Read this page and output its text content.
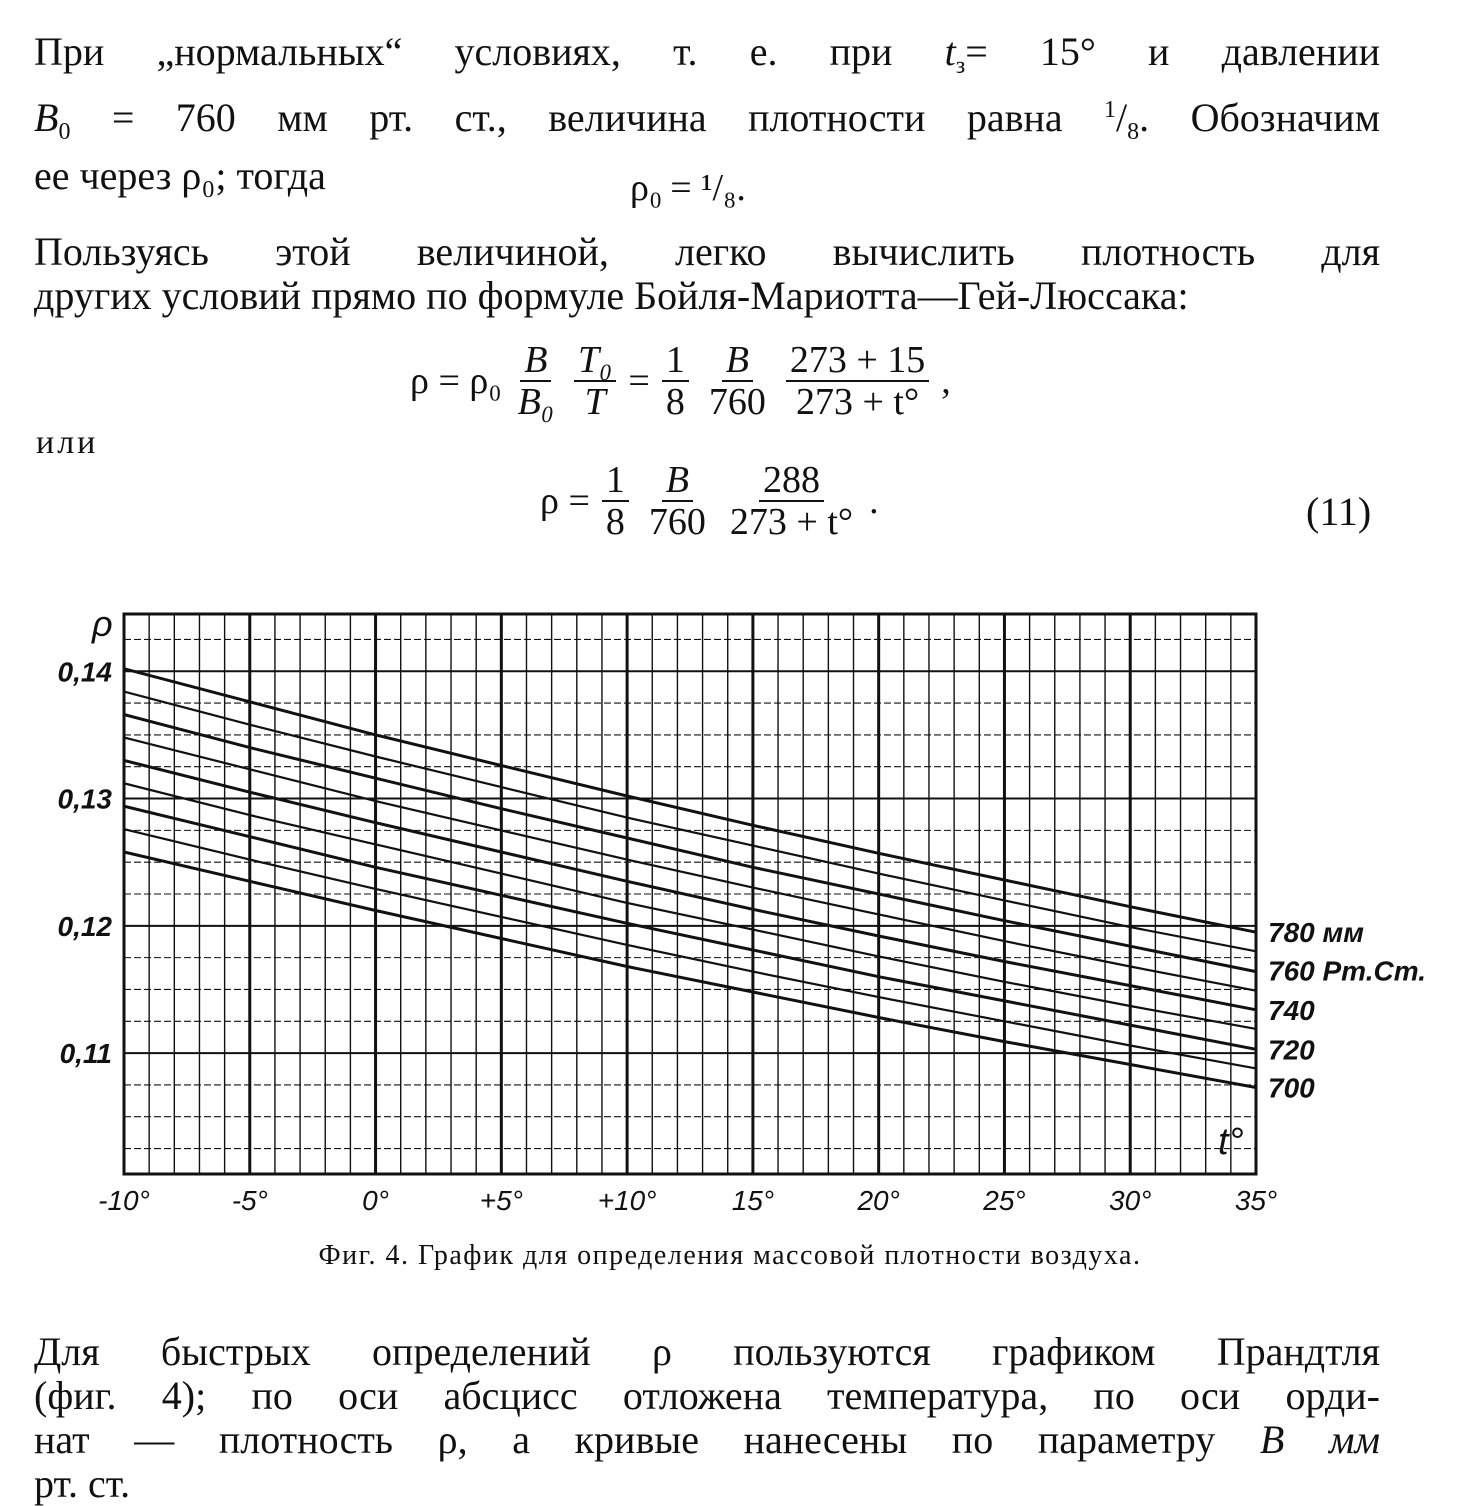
При „нормальных“ условиях, т. е. при $t_з= 15^\circ$ и давлении
$B_0 = 760$ мм рт. ст., величина плотности равна $^1/_8$. Обозначим
ее через ρ₀; тогда	ρ₀ = ¹/₈.
Пользуясь этой величиной, легко вычислить плотность для
других условий прямо по формуле Бойля-Мариотта—Гей-Люссака:
$\rho = \rho_0 \frac{B}{\text{B₀}} \frac{\text{T₀}}{T} = \frac{1}{8} \frac{B}{760} \frac{273 + 15}{273 + t^\circ}$ ,
или
$\rho = \frac{1}{8} \frac{B}{760} \frac{288}{273 + t^\circ}$ .	(11)
-10°	-5°	0°	+5°	+10°	15°	20°	25°	30°	35°
0,11
0,12
0,13
0,14
ρ
t°
780 мм
760 Рт.Ст.
740
720
700
Фиг. 4. График для определения массовой плотности воздуха.
Для быстрых определений ρ пользуются графиком Прандтля
(фиг. 4); по оси абсцисс отложена температура, по оси орди-
нат — плотность ρ, а кривые нанесены по параметру B мм
рт. ст.
